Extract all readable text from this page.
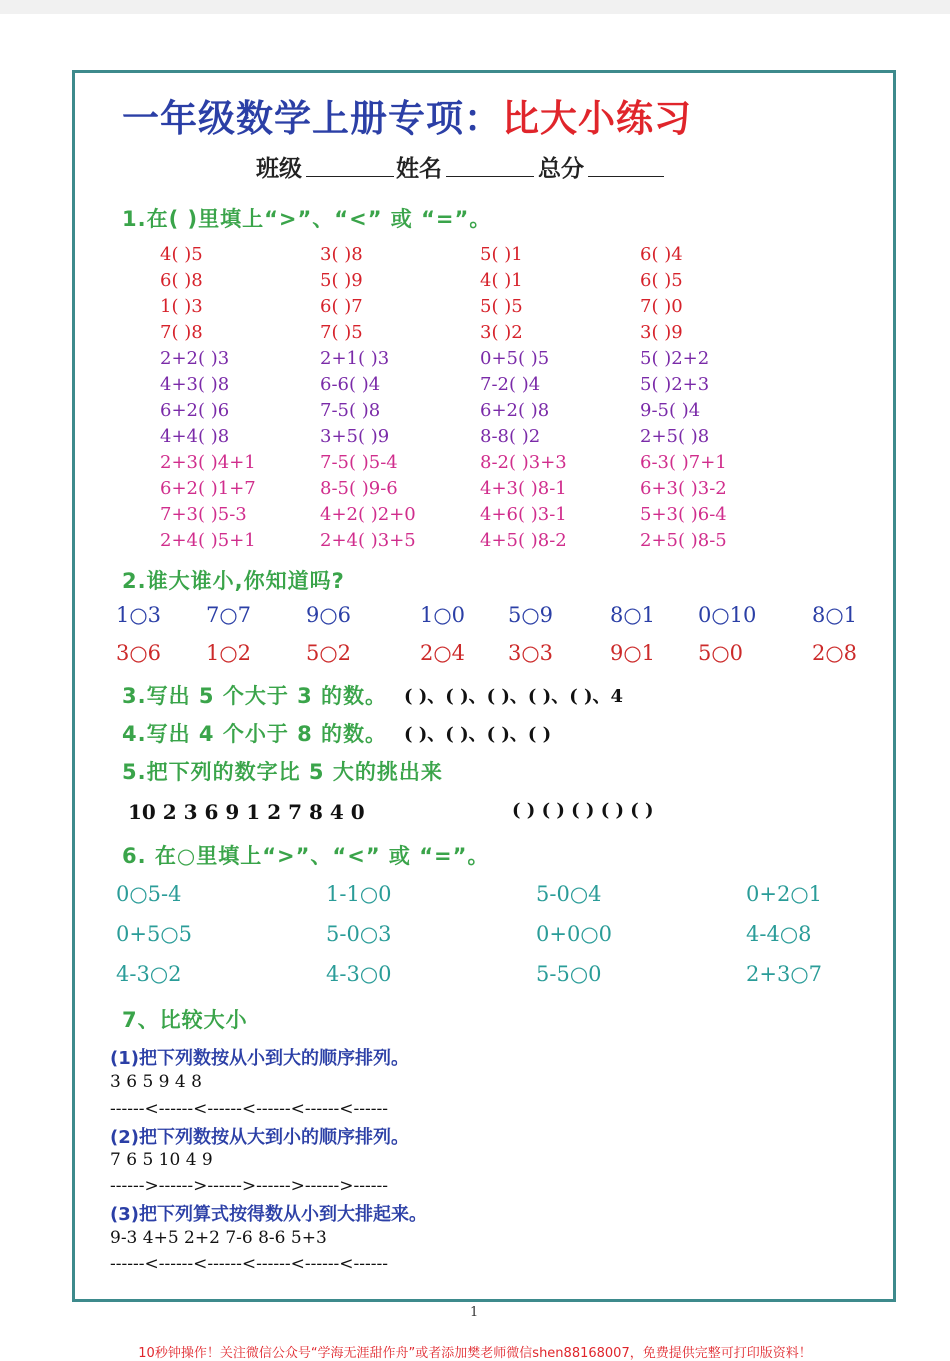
一年级数学上册专项：比大小练习
班级	姓名	总分
1.在( )里填上“>”、“<” 或 “=”。
4( )5	3( )8	5( )1	6( )4
6( )8	5( )9	4( )1	6( )5
1( )3	6( )7	5( )5	7( )0
7( )8	7( )5	3( )2	3( )9
2+2( )3	2+1( )3	0+5( )5	5( )2+2
4+3( )8	6-6( )4	7-2( )4	5( )2+3
6+2( )6	7-5( )8	6+2( )8	9-5( )4
4+4( )8	3+5( )9	8-8( )2	2+5( )8
2+3( )4+1	7-5( )5-4	8-2( )3+3	6-3( )7+1
6+2( )1+7	8-5( )9-6	4+3( )8-1	6+3( )3-2
7+3( )5-3	4+2( )2+0	4+6( )3-1	5+3( )6-4
2+4( )5+1	2+4( )3+5	4+5( )8-2	2+5( )8-5
2.谁大谁小,你知道吗?
1○3 7○7	9○6	1○0 5○9	8○1 0○10	8○1
3○6 1○2	5○2	2○4 3○3	9○1 5○0	2○8
3.写出 5 个大于 3 的数。 ( )、( )、( )、( )、( )、4
4.写出 4 个小于 8 的数。 ( )、( )、( )、( )
5.把下列的数字比 5 大的挑出来
10 2 3 6 9 1 2 7 8 4 0	( ) ( ) ( ) ( ) ( )
6. 在○里填上“>”、“<” 或 “=”。
0○5-4	1-1○0	5-0○4	0+2○1
0+5○5	5-0○3	0+0○0	4-4○8
4-3○2	4-3○0	5-5○0	2+3○7
7、比较大小
(1)把下列数按从小到大的顺序排列。
3 6 5 9 4 8
------<------<------<------<------<------
(2)把下列数按从大到小的顺序排列。
7 6 5 10 4 9
------>------>------>------>------>------
(3)把下列算式按得数从小到大排起来。
9-3 4+5 2+2 7-6 8-6 5+3
------<------<------<------<------<------
1
10秒钟操作！关注微信公众号“学海无涯甜作舟”或者添加樊老师微信shen88168007，免费提供完整可打印版资料！
